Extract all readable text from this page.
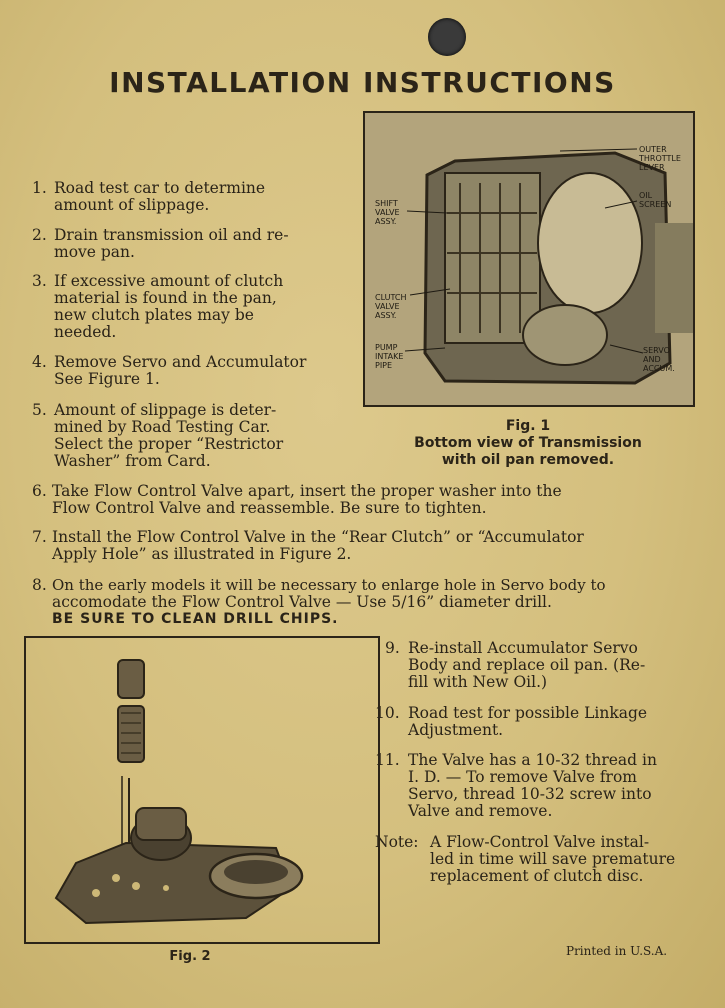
INSTALLATION INSTRUCTIONS
1. Road test car to determine

amount of slippage.

2. Drain transmission oil and re-

move pan.

3. If excessive amount of clutch

material is found in the pan,

new clutch plates may be

needed.

4. Remove Servo and Accumulator

See Figure 1.

5. Amount of slippage is deter-

mined by Road Testing Car.

Select the proper “Restrictor

Washer” from Card.

OUTER
THROTTLE
LEVER
OIL
SCREEN
SHIFT
VALVE
ASSY.
CLUTCH
VALVE
ASSY.
PUMP
INTAKE
PIPE
SERVO
AND
ACCUM.
Fig. 1
Bottom view of Transmission
with oil pan removed.
6. Take Flow Control Valve apart, insert the proper washer into the

Flow Control Valve and reassemble. Be sure to tighten.

7. Install the Flow Control Valve in the “Rear Clutch” or “Accumulator

Apply Hole” as illustrated in Figure 2.

8. On the early models it will be necessary to enlarge hole in Servo body to

accomodate the Flow Control Valve — Use 5/16” diameter drill.

BE SURE TO CLEAN DRILL CHIPS.

Fig. 2
9. Re-install Accumulator Servo

Body and replace oil pan. (Re-

fill with New Oil.)

10. Road test for possible Linkage

Adjustment.

11. The Valve has a 10-32 thread in

I. D. — To remove Valve from

Servo, thread 10-32 screw into

Valve and remove.

Note: A Flow-Control Valve instal-

led in time will save premature

replacement of clutch disc.

Printed in U.S.A.
